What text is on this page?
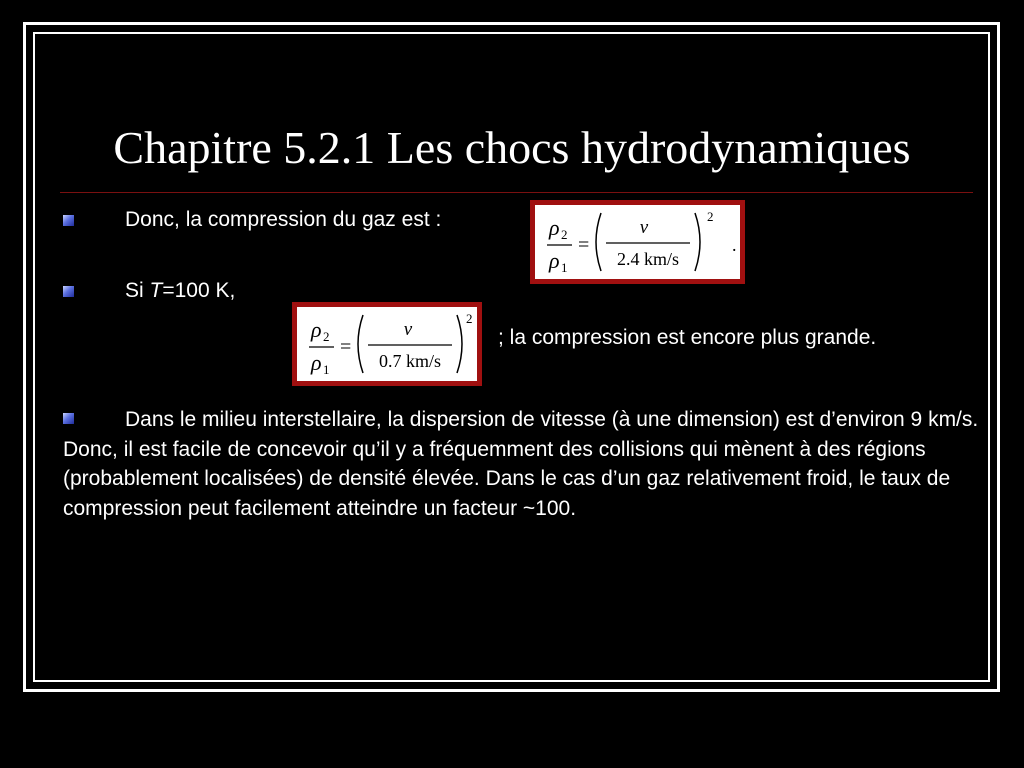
Chapitre 5.2.1 Les chocs hydrodynamiques
Donc, la compression du gaz est :	ρ 2
ρ 1
=
v
2.4 km/s
2
.
Si T=100 K,
ρ 2
ρ 1
=
v
0.7 km/s
2
; la compression est encore plus grande.
Dans le milieu interstellaire, la dispersion de vitesse (à une dimension) est d’environ 9 km/s. Donc, il est facile de concevoir qu’il y a fréquemment des collisions qui mènent à des régions (probablement localisées) de densité élevée. Dans le cas d’un gaz relativement froid, le taux de compression peut facilement atteindre un facteur ~100.
